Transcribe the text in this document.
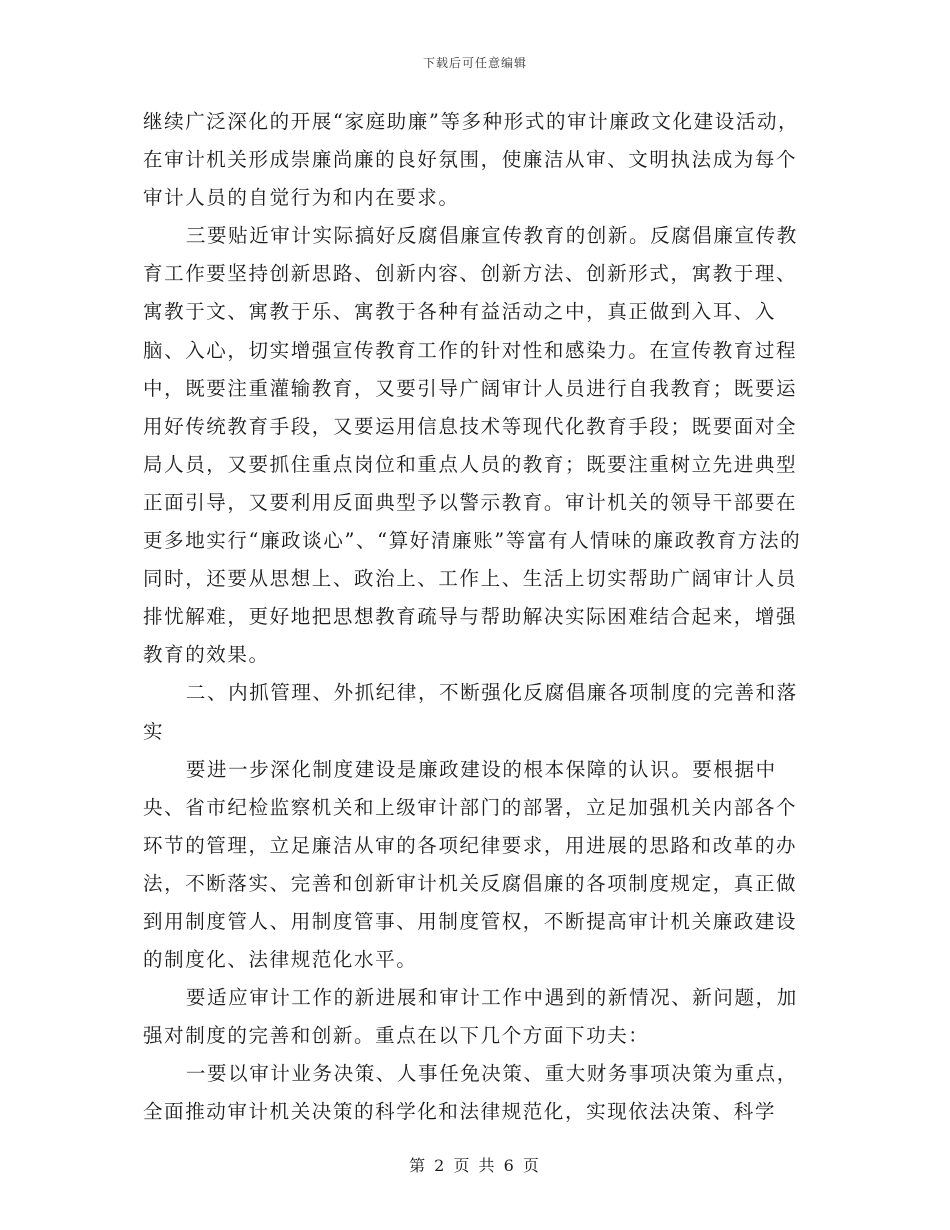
下载后可任意编辑

继续广泛深化的开展“家庭助廉”等多种形式的审计廉政文化建设活动，在审计机关形成崇廉尚廉的良好氛围，使廉洁从审、文明执法成为每个审计人员的自觉行为和内在要求。

三要贴近审计实际搞好反腐倡廉宣传教育的创新。反腐倡廉宣传教育工作要坚持创新思路、创新内容、创新方法、创新形式，寓教于理、寓教于文、寓教于乐、寓教于各种有益活动之中，真正做到入耳、入脑、入心，切实增强宣传教育工作的针对性和感染力。在宣传教育过程中，既要注重灌输教育，又要引导广阔审计人员进行自我教育；既要运用好传统教育手段，又要运用信息技术等现代化教育手段；既要面对全局人员，又要抓住重点岗位和重点人员的教育；既要注重树立先进典型正面引导，又要利用反面典型予以警示教育。审计机关的领导干部要在更多地实行“廉政谈心”、“算好清廉账”等富有人情味的廉政教育方法的同时，还要从思想上、政治上、工作上、生活上切实帮助广阔审计人员排忧解难，更好地把思想教育疏导与帮助解决实际困难结合起来，增强教育的效果。

二、内抓管理、外抓纪律，不断强化反腐倡廉各项制度的完善和落实

要进一步深化制度建设是廉政建设的根本保障的认识。要根据中央、省市纪检监察机关和上级审计部门的部署，立足加强机关内部各个环节的管理，立足廉洁从审的各项纪律要求，用进展的思路和改革的办法，不断落实、完善和创新审计机关反腐倡廉的各项制度规定，真正做到用制度管人、用制度管事、用制度管权，不断提高审计机关廉政建设的制度化、法律规范化水平。

要适应审计工作的新进展和审计工作中遇到的新情况、新问题，加强对制度的完善和创新。重点在以下几个方面下功夫：

一要以审计业务决策、人事任免决策、重大财务事项决策为重点，全面推动审计机关决策的科学化和法律规范化，实现依法决策、科学

第 2 页 共 6 页
